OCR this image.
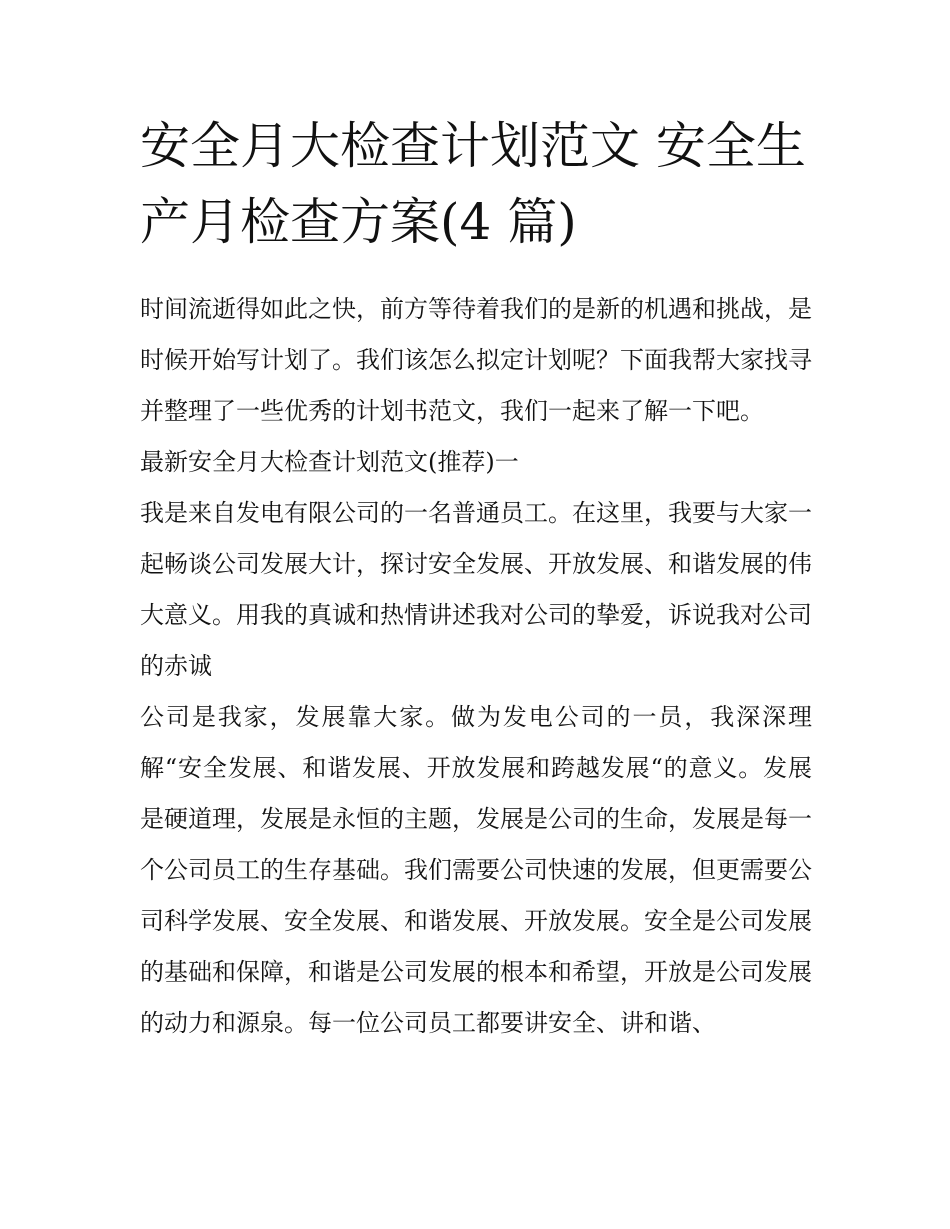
安全月大检查计划范文 安全生产月检查方案(4 篇)

时间流逝得如此之快，前方等待着我们的是新的机遇和挑战，是时候开始写计划了。我们该怎么拟定计划呢？下面我帮大家找寻并整理了一些优秀的计划书范文，我们一起来了解一下吧。

最新安全月大检查计划范文(推荐)一

我是来自发电有限公司的一名普通员工。在这里，我要与大家一起畅谈公司发展大计，探讨安全发展、开放发展、和谐发展的伟大意义。用我的真诚和热情讲述我对公司的挚爱，诉说我对公司的赤诚

公司是我家，发展靠大家。做为发电公司的一员，我深深理解“安全发展、和谐发展、开放发展和跨越发展“的意义。发展是硬道理，发展是永恒的主题，发展是公司的生命，发展是每一个公司员工的生存基础。我们需要公司快速的发展，但更需要公司科学发展、安全发展、和谐发展、开放发展。安全是公司发展的基础和保障，和谐是公司发展的根本和希望，开放是公司发展的动力和源泉。每一位公司员工都要讲安全、讲和谐、
